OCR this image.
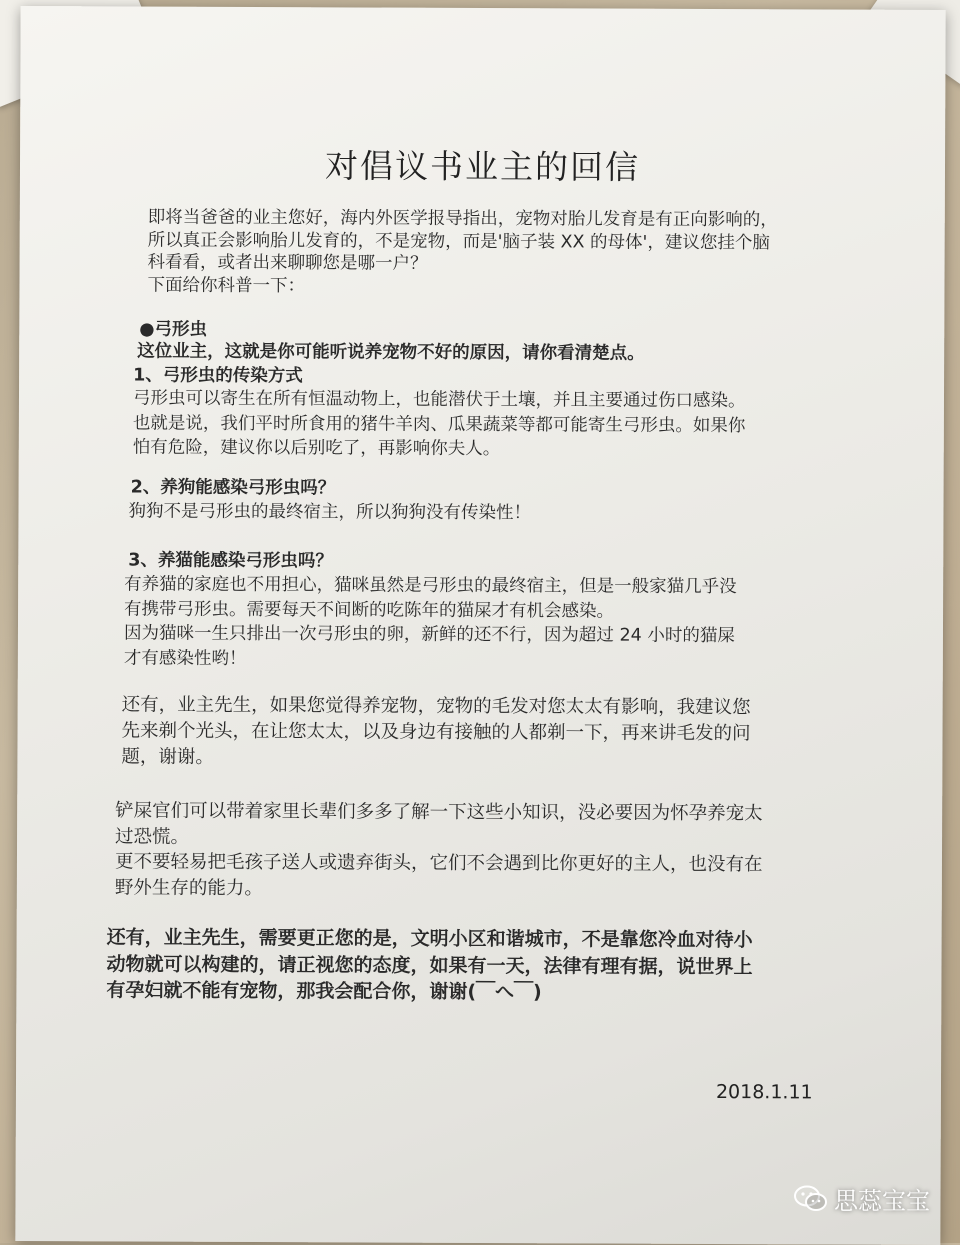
对倡议书业主的回信
即将当爸爸的业主您好，海内外医学报导指出，宠物对胎儿发育是有正向影响的，
所以真正会影响胎儿发育的，不是宠物，而是'脑子装 XX 的母体'，建议您挂个脑
科看看，或者出来聊聊您是哪一户？
下面给你科普一下：
●弓形虫
这位业主，这就是你可能听说养宠物不好的原因，请你看清楚点。
1、弓形虫的传染方式
弓形虫可以寄生在所有恒温动物上，也能潜伏于土壤，并且主要通过伤口感染。
也就是说，我们平时所食用的猪牛羊肉、瓜果蔬菜等都可能寄生弓形虫。如果你
怕有危险，建议你以后别吃了，再影响你夫人。
2、养狗能感染弓形虫吗？
狗狗不是弓形虫的最终宿主，所以狗狗没有传染性！
3、养猫能感染弓形虫吗？
有养猫的家庭也不用担心，猫咪虽然是弓形虫的最终宿主，但是一般家猫几乎没
有携带弓形虫。需要每天不间断的吃陈年的猫屎才有机会感染。
因为猫咪一生只排出一次弓形虫的卵，新鲜的还不行，因为超过 24 小时的猫屎
才有感染性哟！
还有，业主先生，如果您觉得养宠物，宠物的毛发对您太太有影响，我建议您
先来剃个光头，在让您太太，以及身边有接触的人都剃一下，再来讲毛发的问
题，谢谢。
铲屎官们可以带着家里长辈们多多了解一下这些小知识，没必要因为怀孕养宠太
过恐慌。
更不要轻易把毛孩子送人或遗弃街头，它们不会遇到比你更好的主人，也没有在
野外生存的能力。
还有，业主先生，需要更正您的是，文明小区和谐城市，不是靠您冷血对待小
动物就可以构建的，请正视您的态度，如果有一天，法律有理有据，说世界上
有孕妇就不能有宠物，那我会配合你，谢谢(￣へ￣)
2018.1.11
思蕊宝宝
